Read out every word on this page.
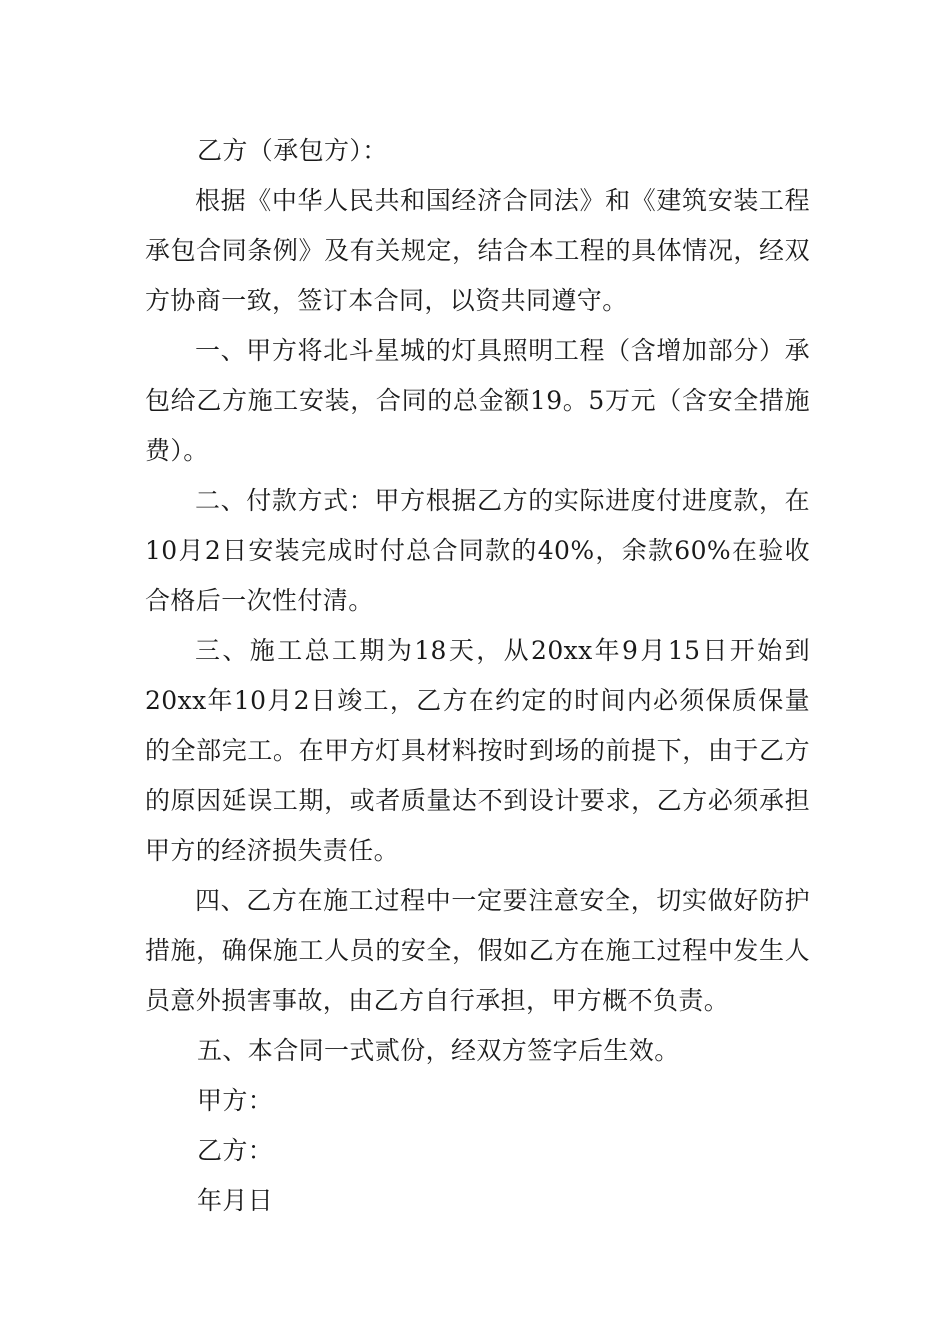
乙方（承包方）：

根据《中华人民共和国经济合同法》和《建筑安装工程承包合同条例》及有关规定，结合本工程的具体情况，经双方协商一致，签订本合同，以资共同遵守。

一、甲方将北斗星城的灯具照明工程（含增加部分）承包给乙方施工安装，合同的总金额19。5万元（含安全措施费）。

二、付款方式：甲方根据乙方的实际进度付进度款，在10月2日安装完成时付总合同款的40%，余款60%在验收合格后一次性付清。

三、施工总工期为18天，从20xx年9月15日开始到20xx年10月2日竣工，乙方在约定的时间内必须保质保量的全部完工。在甲方灯具材料按时到场的前提下，由于乙方的原因延误工期，或者质量达不到设计要求，乙方必须承担甲方的经济损失责任。

四、乙方在施工过程中一定要注意安全，切实做好防护措施，确保施工人员的安全，假如乙方在施工过程中发生人员意外损害事故，由乙方自行承担，甲方概不负责。

五、本合同一式贰份，经双方签字后生效。

甲方：

乙方：

年月日
